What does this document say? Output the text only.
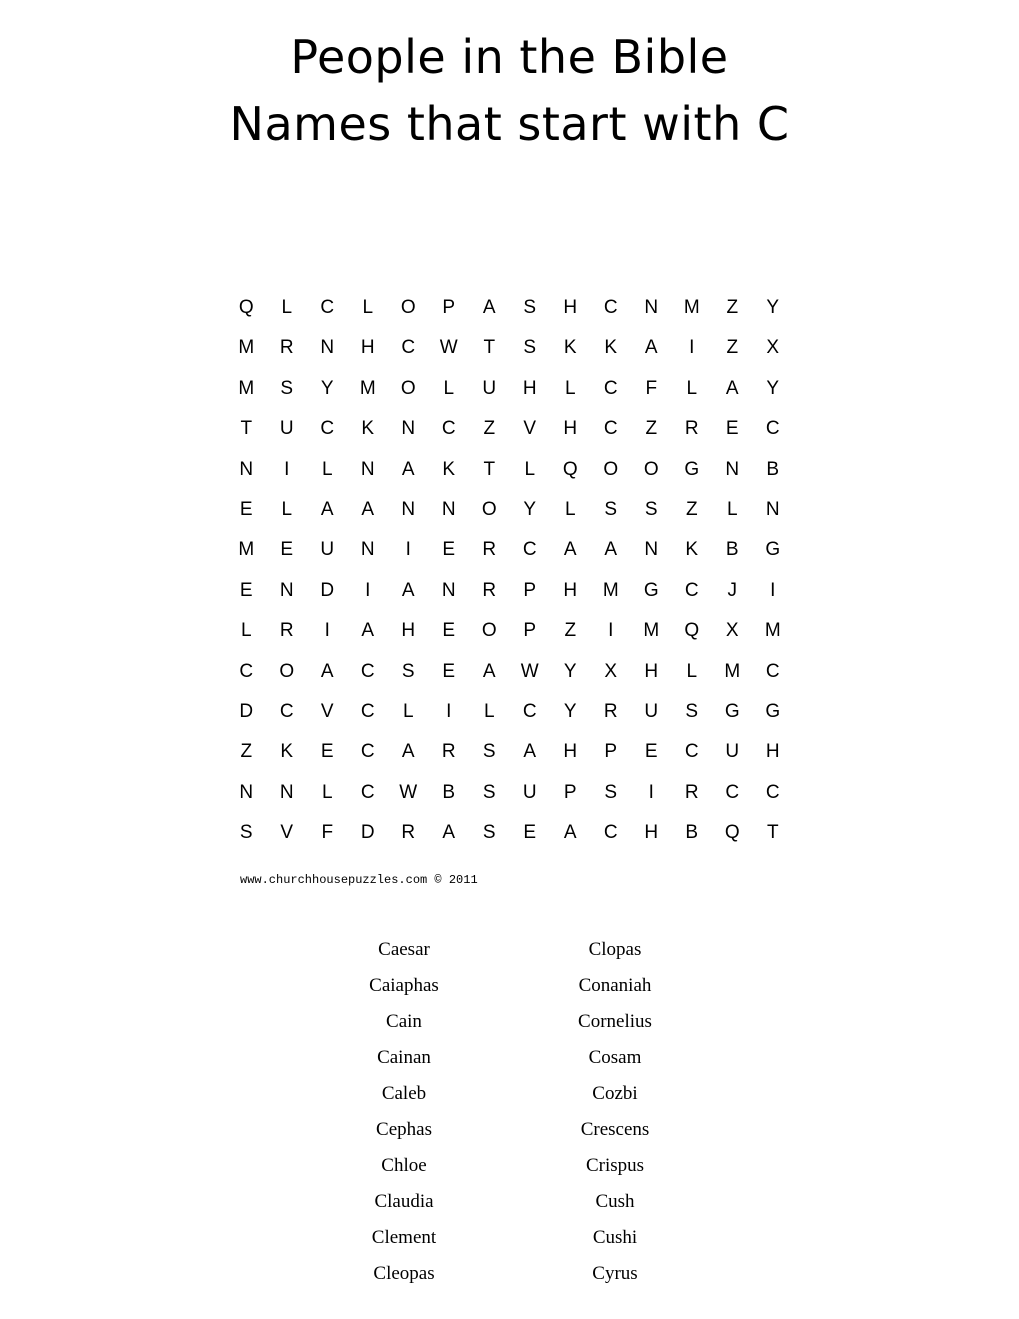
People in the Bible
Names that start with C
Q	L	C	L	O	P	A	S	H	C	N	M	Z	Y
M	R	N	H	C	W	T	S	K	K	A	I	Z	X
M	S	Y	M	O	L	U	H	L	C	F	L	A	Y
T	U	C	K	N	C	Z	V	H	C	Z	R	E	C
N	I	L	N	A	K	T	L	Q	O	O	G	N	B
E	L	A	A	N	N	O	Y	L	S	S	Z	L	N
M	E	U	N	I	E	R	C	A	A	N	K	B	G
E	N	D	I	A	N	R	P	H	M	G	C	J	I
L	R	I	A	H	E	O	P	Z	I	M	Q	X	M
C	O	A	C	S	E	A	W	Y	X	H	L	M	C
D	C	V	C	L	I	L	C	Y	R	U	S	G	G
Z	K	E	C	A	R	S	A	H	P	E	C	U	H
N	N	L	C	W	B	S	U	P	S	I	R	C	C
S	V	F	D	R	A	S	E	A	C	H	B	Q	T
www.churchhousepuzzles.com © 2011
Caesar
Caiaphas
Cain
Cainan
Caleb
Cephas
Chloe
Claudia
Clement
Cleopas
Clopas
Conaniah
Cornelius
Cosam
Cozbi
Crescens
Crispus
Cush
Cushi
Cyrus
